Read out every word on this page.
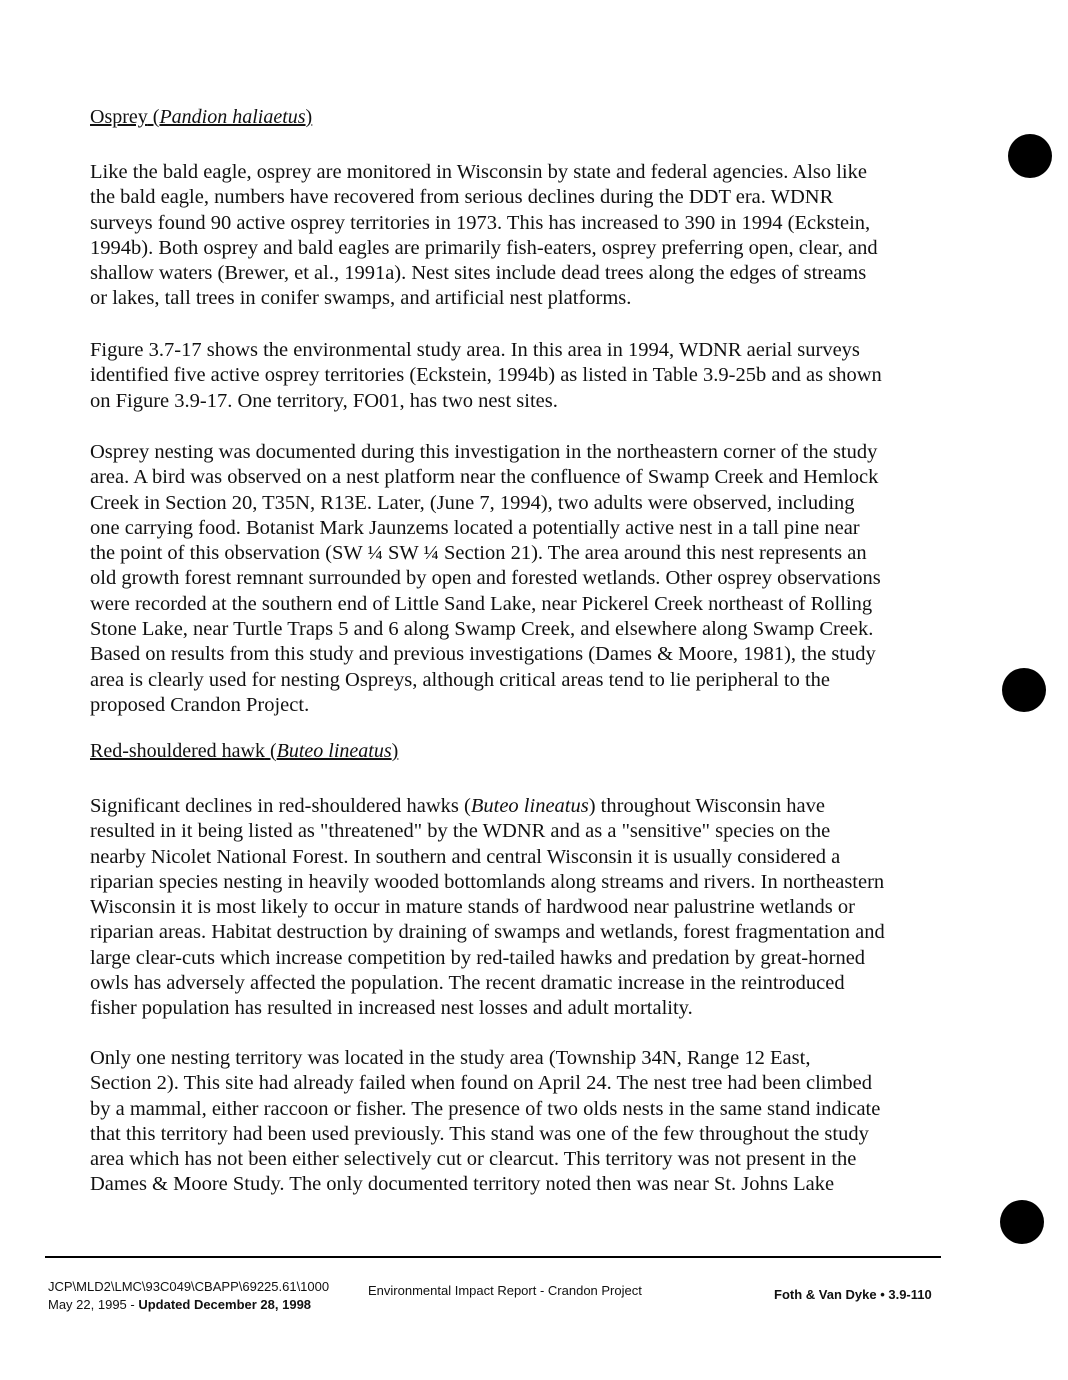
Osprey (Pandion haliaetus)
Like the bald eagle, osprey are monitored in Wisconsin by state and federal agencies. Also like
the bald eagle, numbers have recovered from serious declines during the DDT era. WDNR
surveys found 90 active osprey territories in 1973. This has increased to 390 in 1994 (Eckstein,
1994b). Both osprey and bald eagles are primarily fish-eaters, osprey preferring open, clear, and
shallow waters (Brewer, et al., 1991a). Nest sites include dead trees along the edges of streams
or lakes, tall trees in conifer swamps, and artificial nest platforms.
Figure 3.7-17 shows the environmental study area. In this area in 1994, WDNR aerial surveys
identified five active osprey territories (Eckstein, 1994b) as listed in Table 3.9-25b and as shown
on Figure 3.9-17. One territory, FO01, has two nest sites.
Osprey nesting was documented during this investigation in the northeastern corner of the study
area. A bird was observed on a nest platform near the confluence of Swamp Creek and Hemlock
Creek in Section 20, T35N, R13E. Later, (June 7, 1994), two adults were observed, including
one carrying food. Botanist Mark Jaunzems located a potentially active nest in a tall pine near
the point of this observation (SW ¼ SW ¼ Section 21). The area around this nest represents an
old growth forest remnant surrounded by open and forested wetlands. Other osprey observations
were recorded at the southern end of Little Sand Lake, near Pickerel Creek northeast of Rolling
Stone Lake, near Turtle Traps 5 and 6 along Swamp Creek, and elsewhere along Swamp Creek.
Based on results from this study and previous investigations (Dames & Moore, 1981), the study
area is clearly used for nesting Ospreys, although critical areas tend to lie peripheral to the
proposed Crandon Project.
Red-shouldered hawk (Buteo lineatus)
Significant declines in red-shouldered hawks (Buteo lineatus) throughout Wisconsin have
resulted in it being listed as "threatened" by the WDNR and as a "sensitive" species on the
nearby Nicolet National Forest. In southern and central Wisconsin it is usually considered a
riparian species nesting in heavily wooded bottomlands along streams and rivers. In northeastern
Wisconsin it is most likely to occur in mature stands of hardwood near palustrine wetlands or
riparian areas. Habitat destruction by draining of swamps and wetlands, forest fragmentation and
large clear-cuts which increase competition by red-tailed hawks and predation by great-horned
owls has adversely affected the population. The recent dramatic increase in the reintroduced
fisher population has resulted in increased nest losses and adult mortality.
Only one nesting territory was located in the study area (Township 34N, Range 12 East,
Section 2). This site had already failed when found on April 24. The nest tree had been climbed
by a mammal, either raccoon or fisher. The presence of two olds nests in the same stand indicate
that this territory had been used previously. This stand was one of the few throughout the study
area which has not been either selectively cut or clearcut. This territory was not present in the
Dames & Moore Study. The only documented territory noted then was near St. Johns Lake
JCP\MLD2\LMC\93C049\CBAPP\69225.61\1000
May 22, 1995 - Updated December 28, 1998
Environmental Impact Report - Crandon Project	Foth & Van Dyke • 3.9-110
